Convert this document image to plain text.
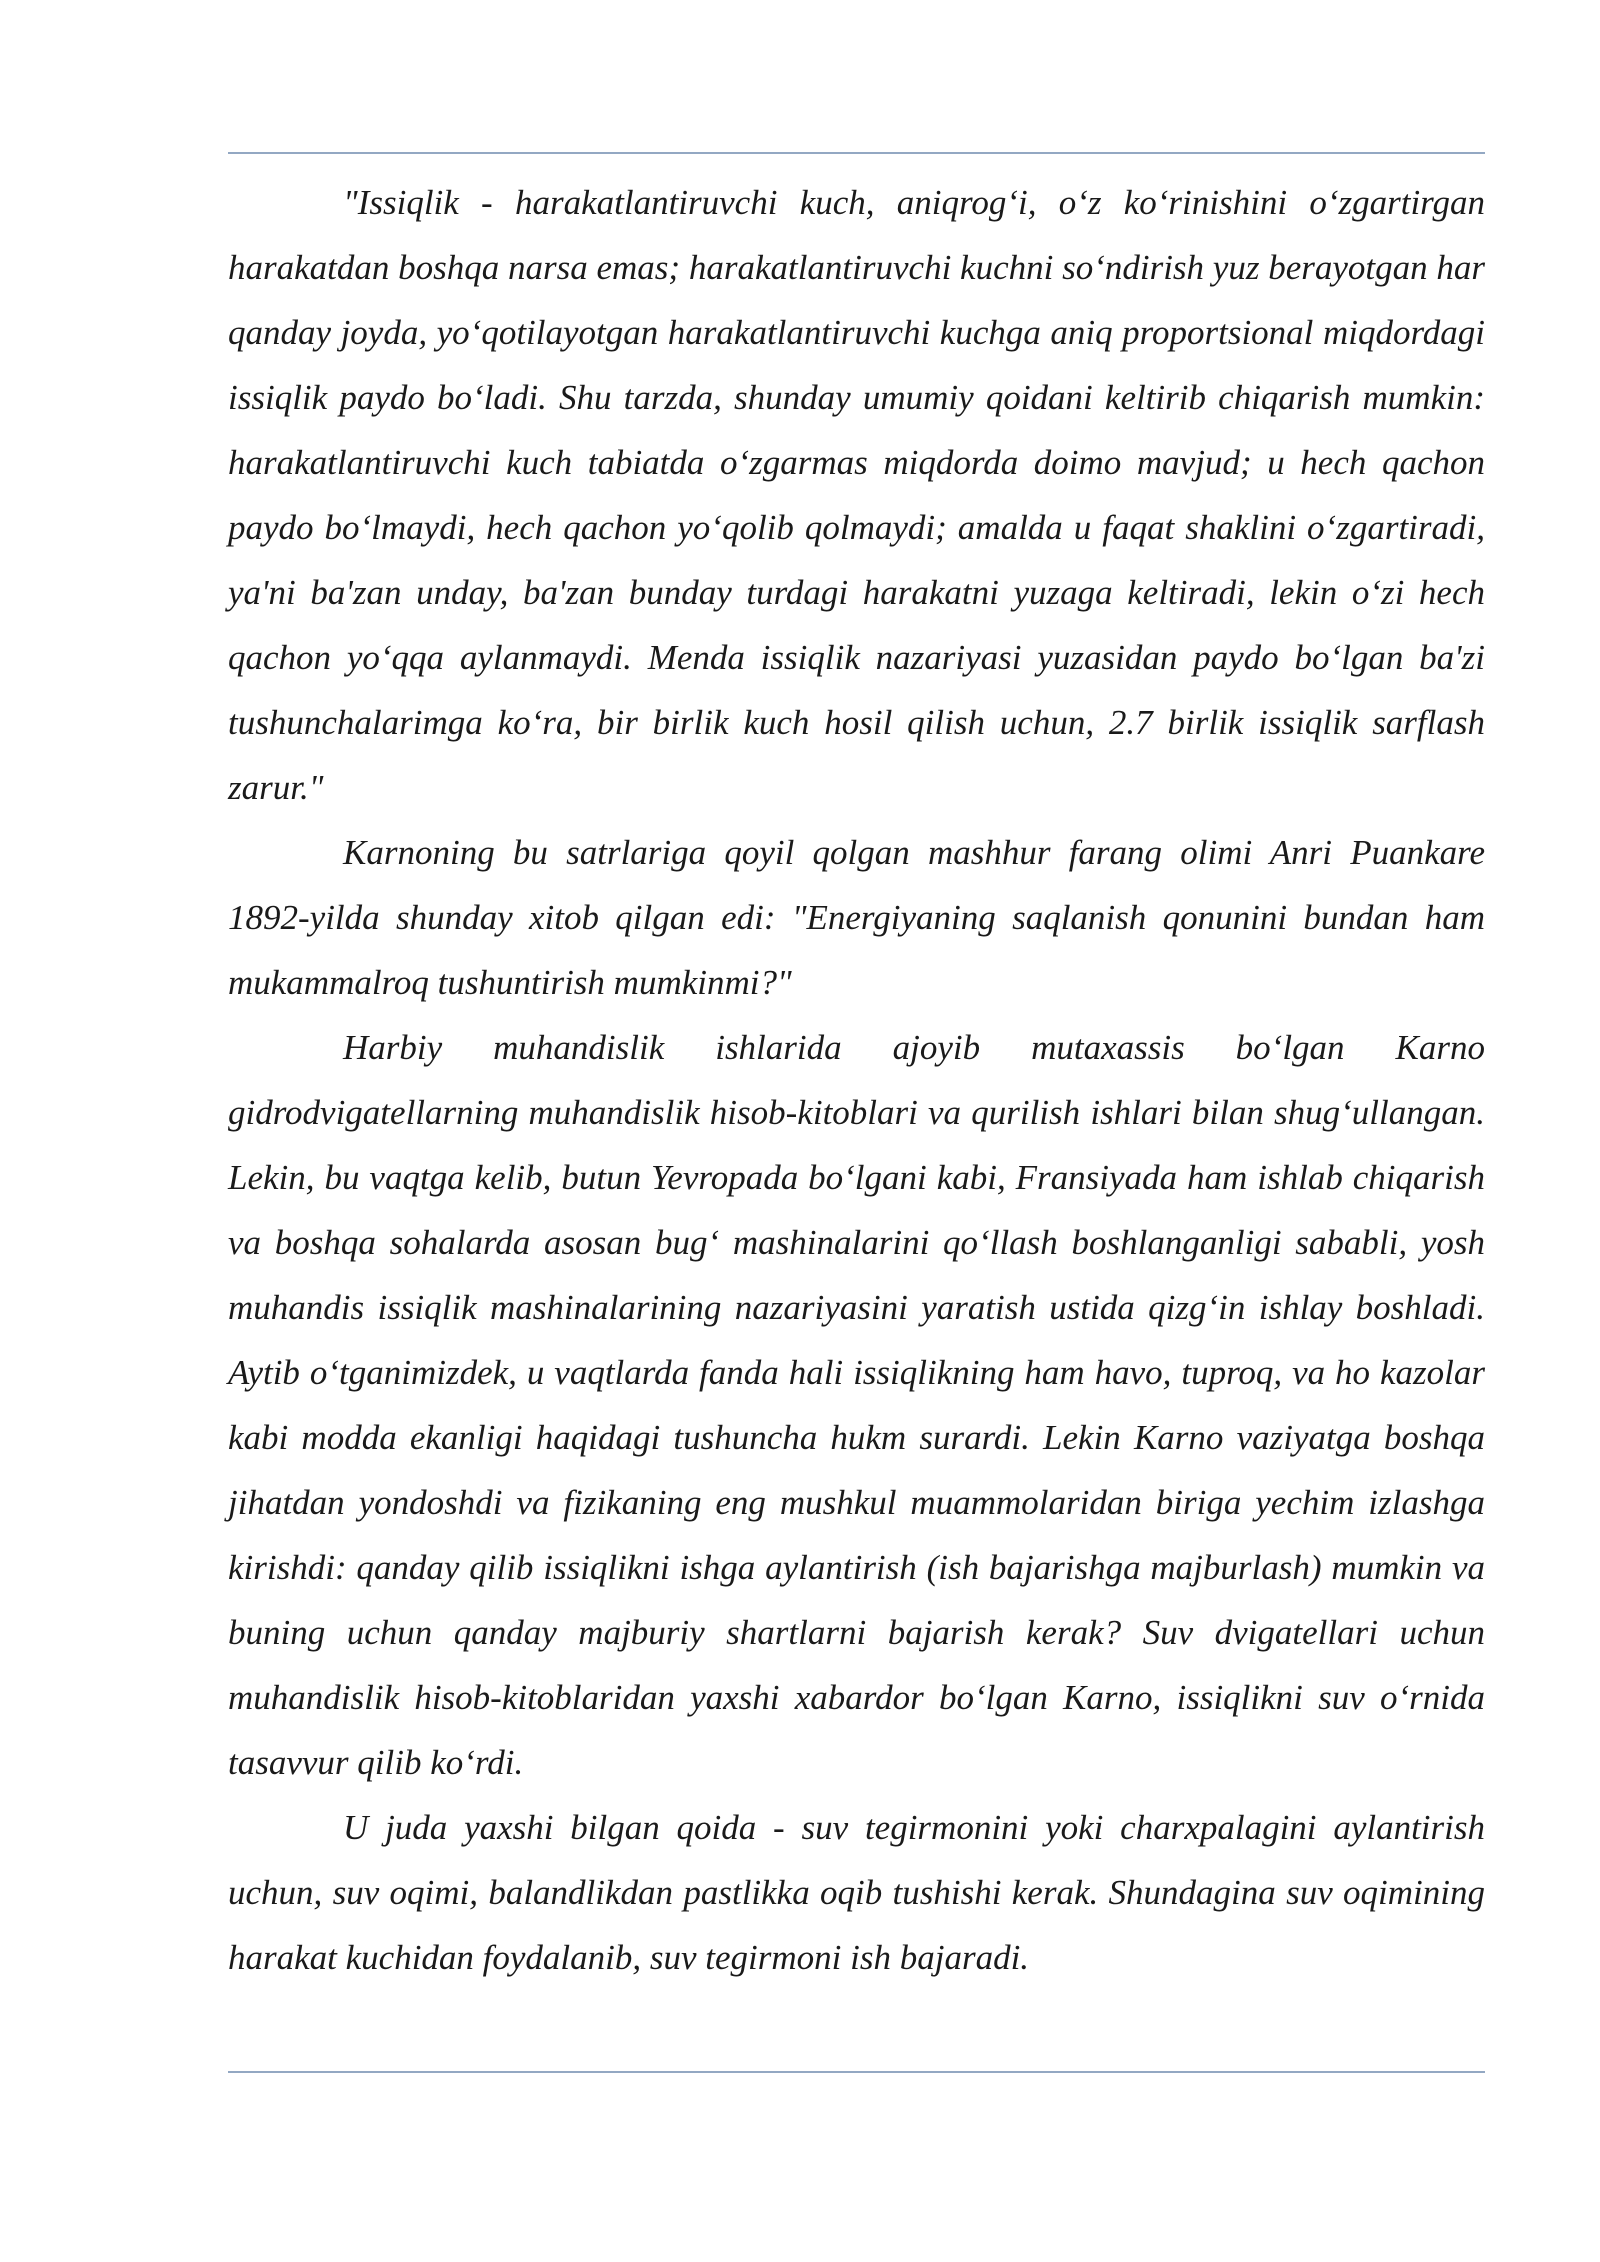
"Issiqlik - harakatlantiruvchi kuch, aniqrog‘i, o‘z ko‘rinishini o‘zgartirgan harakatdan boshqa narsa emas; harakatlantiruvchi kuchni so‘ndirish yuz berayotgan har qanday joyda, yo‘qotilayotgan harakatlantiruvchi kuchga aniq proportsional miqdordagi issiqlik paydo bo‘ladi. Shu tarzda, shunday umumiy qoidani keltirib chiqarish mumkin: harakatlantiruvchi kuch tabiatda o‘zgarmas miqdorda doimo mavjud; u hech qachon paydo bo‘lmaydi, hech qachon yo‘qolib qolmaydi; amalda u faqat shaklini o‘zgartiradi, ya'ni ba'zan unday, ba'zan bunday turdagi harakatni yuzaga keltiradi, lekin o‘zi hech qachon yo‘qqa aylanmaydi. Menda issiqlik nazariyasi yuzasidan paydo bo‘lgan ba'zi tushunchalarimga ko‘ra, bir birlik kuch hosil qilish uchun, 2.7 birlik issiqlik sarflash zarur."

Karnoning bu satrlariga qoyil qolgan mashhur farang olimi Anri Puankare 1892-yilda shunday xitob qilgan edi: "Energiyaning saqlanish qonunini bundan ham mukammalroq tushuntirish mumkinmi?"

Harbiy muhandislik ishlarida ajoyib mutaxassis bo‘lgan Karno gidrodvigatellarning muhandislik hisob-kitoblari va qurilish ishlari bilan shug‘ullangan. Lekin, bu vaqtga kelib, butun Yevropada bo‘lgani kabi, Fransiyada ham ishlab chiqarish va boshqa sohalarda asosan bug‘ mashinalarini qo‘llash boshlanganligi sababli, yosh muhandis issiqlik mashinalarining nazariyasini yaratish ustida qizg‘in ishlay boshladi. Aytib o‘tganimizdek, u vaqtlarda fanda hali issiqlikning ham havo, tuproq, va ho kazolar kabi modda ekanligi haqidagi tushuncha hukm surardi. Lekin Karno vaziyatga boshqa jihatdan yondoshdi va fizikaning eng mushkul muammolaridan biriga yechim izlashga kirishdi: qanday qilib issiqlikni ishga aylantirish (ish bajarishga majburlash) mumkin va buning uchun qanday majburiy shartlarni bajarish kerak? Suv dvigatellari uchun muhandislik hisob-kitoblaridan yaxshi xabardor bo‘lgan Karno, issiqlikni suv o‘rnida tasavvur qilib ko‘rdi.

U juda yaxshi bilgan qoida - suv tegirmonini yoki charxpalagini aylantirish uchun, suv oqimi, balandlikdan pastlikka oqib tushishi kerak. Shundagina suv oqimining harakat kuchidan foydalanib, suv tegirmoni ish bajaradi.
